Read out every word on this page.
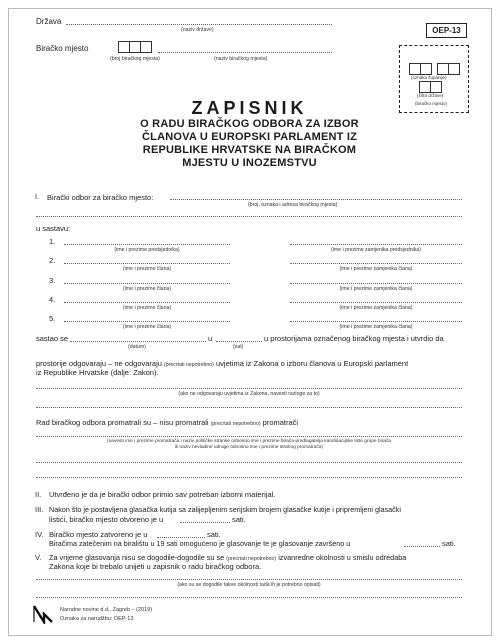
Država
(naziv države)
Biračko mjesto
(broj biračkog mjesta)	(naziv biračkog mjesta)
OEP-13
(oznaka županije)
(šifra države)
(biračko mjesto)
ZAPISNIK
O RADU BIRAČKOG ODBORA ZA IZBOR
ČLANOVA U EUROPSKI PARLAMENT IZ
REPUBLIKE HRVATSKE NA BIRAČKOM
MJESTU U INOZEMSTVU
I. Birački odbor za biračko mjesto:
(broj, oznaka i adresa biračkog mjesta)
u sastavu:
1.
(ime i prezime predsjednika)	(ime i prezime zamjenika predsjednika)
2.
(ime i prezime člana)	(ime i prezime zamjenika člana)
3.
(ime i prezime člana)	(ime i prezime zamjenika člana)
4.
(ime i prezime člana)	(ime i prezime zamjenika člana)
5.
(ime i prezime člana)	(ime i prezime zamjenika člana)
sastao se	u	u prostorijama označenog biračkog mjesta i utvrdio da
(datum)	(sat)
prostorije odgovaraju – ne odgovaraju (precrtati nepotrebno) uvjetima iz Zakona o izboru članova u Europski parlament
iz Republike Hrvatske (dalje: Zakon).
(ako ne odgovaraju uvjetima iz Zakona, navesti razloge za to)
Rad biračkog odbora promatrali su – nisu promatrali (precrtati nepotrebno) promatrači
(navesti ime i prezime promatrača i naziv političke stranke odnosno ime i prezime birača-predlagatelja kandidacijske liste grupe birača
ili naziv nevladine udruge odnosno ime i prezime stranog promatrača)
II. Utvrđeno je da je birački odbor primio sav potreban izborni materijal.
III. Nakon što je postavljena glasačka kutija sa zalijepljenim serijskim brojem glasačke kutije i pripremljeni glasački
listići, biračko mjesto otvoreno je u	sati.
IV. Biračko mjesto zatvoreno je u	sati.
Biračima zatečenim na biralištu u 19 sati omogućeno je glasovanje te je glasovanje završeno u	sati.
V. Za vrijeme glasovanja nisu se dogodile-dogodile su se (precrtati nepotrebno) izvanredne okolnosti u smislu odredaba
Zakona koje bi trebalo unijeti u zapisnik o radu biračkog odbora.
(ako su se dogodile takve okolnosti tada ih je potrebno opisati)
Narodne novine d.d., Zagreb – (2019)
Oznaka za narudžbu: OEP-13
